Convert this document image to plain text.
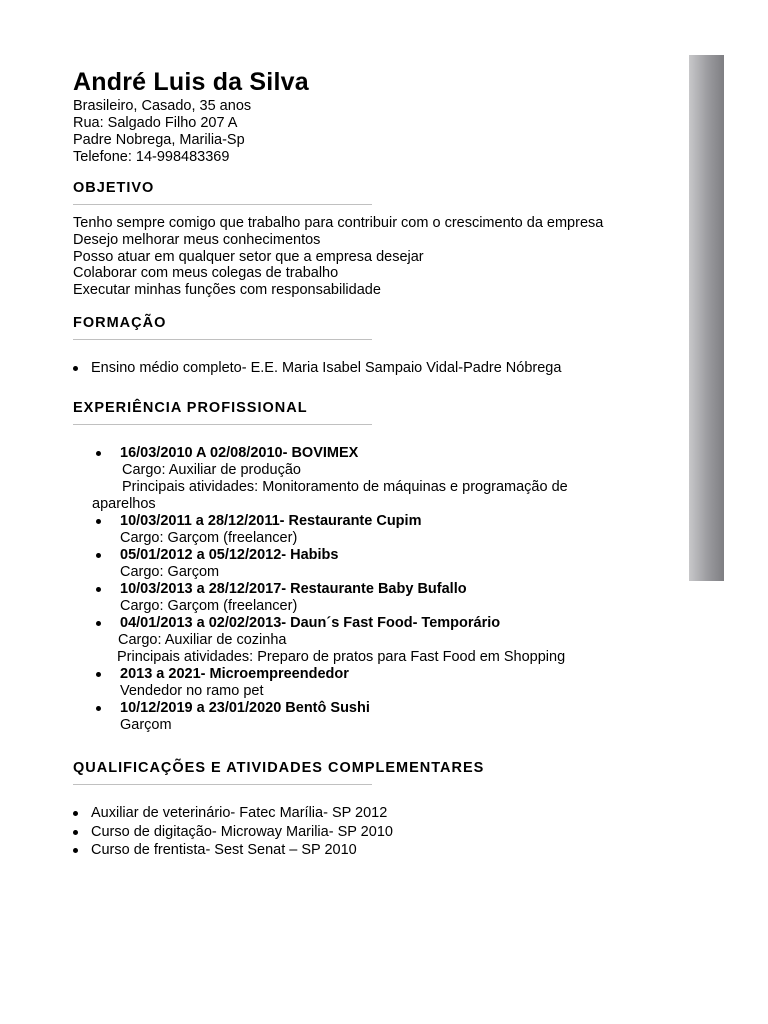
André Luis da Silva
Brasileiro, Casado, 35 anos
Rua: Salgado Filho 207 A
Padre Nobrega, Marilia-Sp
Telefone: 14-998483369
OBJETIVO
Tenho sempre comigo que trabalho para contribuir com o crescimento da empresa
Desejo melhorar meus conhecimentos
Posso atuar em qualquer setor que a empresa desejar
Colaborar com meus colegas de trabalho
Executar minhas funções com responsabilidade
FORMAÇÃO
Ensino médio completo- E.E. Maria Isabel Sampaio Vidal-Padre Nóbrega
EXPERIÊNCIA PROFISSIONAL
16/03/2010 A 02/08/2010- BOVIMEX
Cargo: Auxiliar de produção
Principais atividades: Monitoramento de máquinas e programação de
aparelhos
10/03/2011 a 28/12/2011- Restaurante Cupim
Cargo: Garçom (freelancer)
05/01/2012 a 05/12/2012- Habibs
Cargo: Garçom
10/03/2013 a 28/12/2017- Restaurante Baby Bufallo
Cargo: Garçom (freelancer)
04/01/2013 a 02/02/2013- Daun´s Fast Food- Temporário
Cargo: Auxiliar de cozinha
Principais atividades: Preparo de pratos para Fast Food em Shopping
2013 a 2021- Microempreendedor
Vendedor no ramo pet
10/12/2019 a 23/01/2020 Bentô Sushi
Garçom
QUALIFICAÇÕES E ATIVIDADES COMPLEMENTARES
Auxiliar de veterinário- Fatec Marília- SP 2012
Curso de digitação- Microway Marilia- SP 2010
Curso de frentista- Sest Senat – SP 2010
